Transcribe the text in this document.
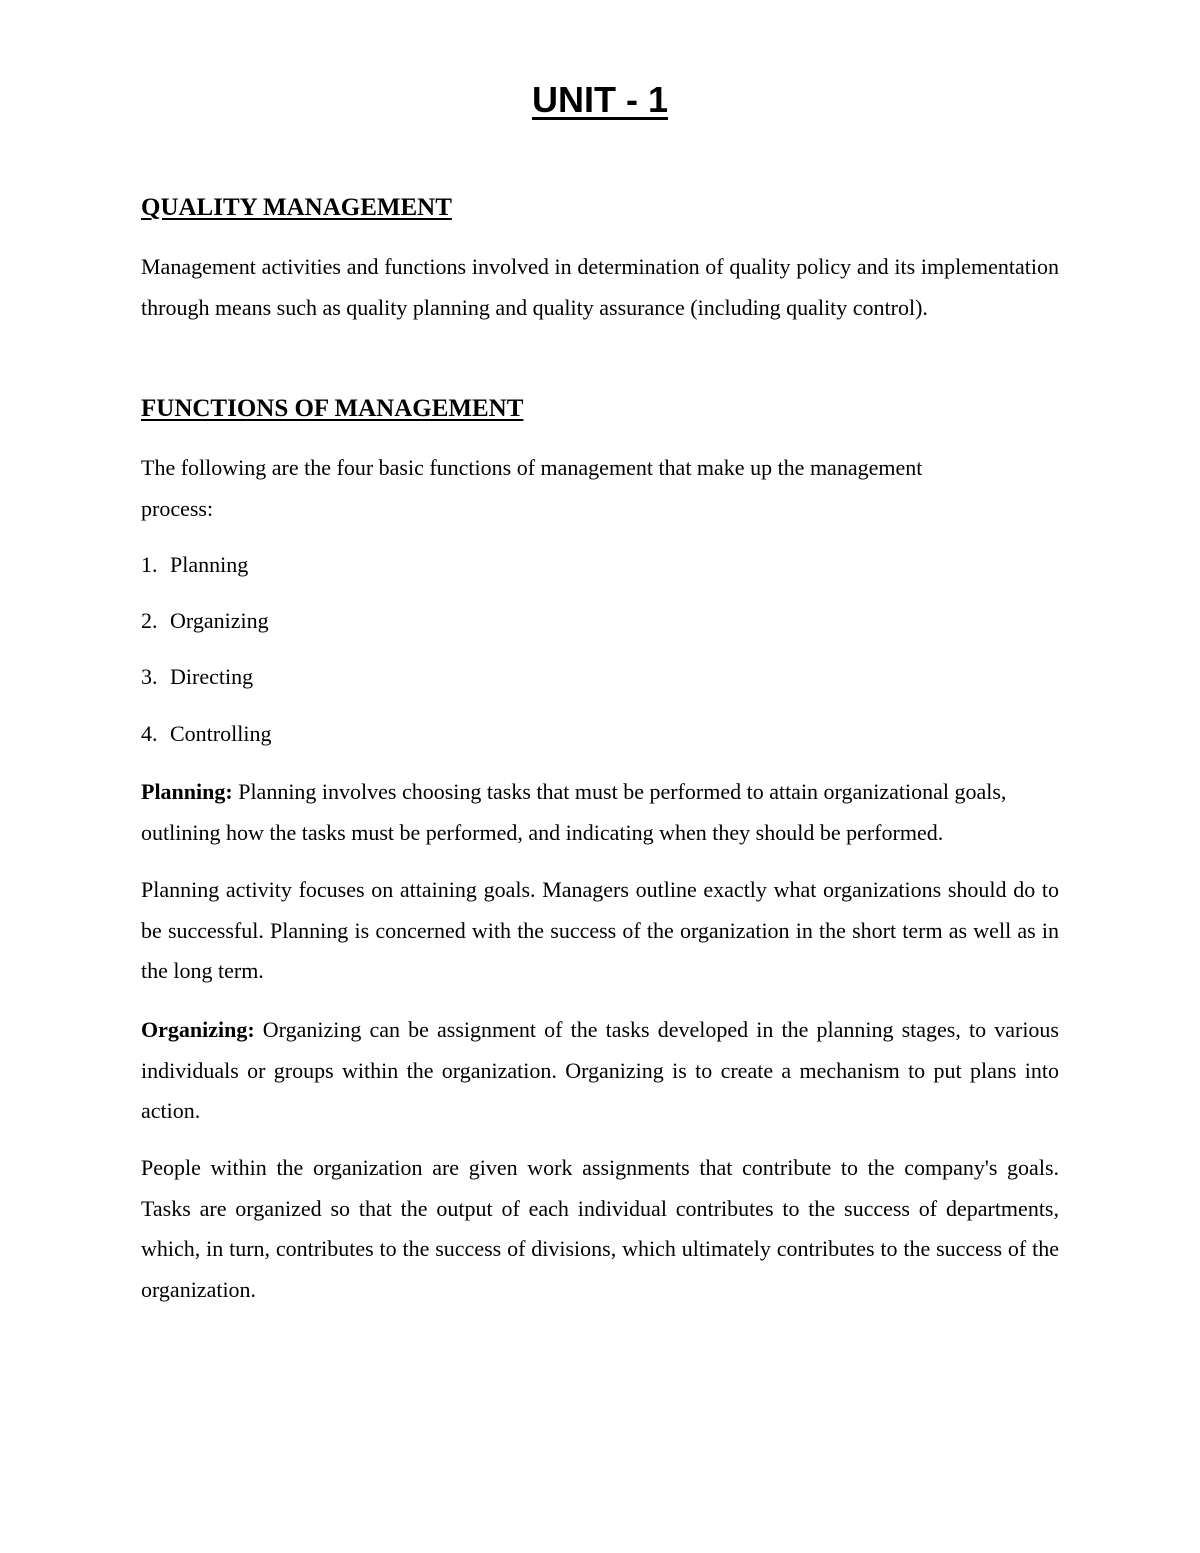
UNIT - 1
QUALITY MANAGEMENT

Management activities and functions involved in determination of quality policy and its implementation through means such as quality planning and quality assurance (including quality control).

FUNCTIONS OF MANAGEMENT

The following are the four basic functions of management that make up the management
process:

1. Planning
2. Organizing
3. Directing
4. Controlling

Planning: Planning involves choosing tasks that must be performed to attain organizational goals, outlining how the tasks must be performed, and indicating when they should be performed.

Planning activity focuses on attaining goals. Managers outline exactly what organizations should do to be successful. Planning is concerned with the success of the organization in the short term as well as in the long term.

Organizing: Organizing can be assignment of the tasks developed in the planning stages, to various individuals or groups within the organization. Organizing is to create a mechanism to put plans into action.

People within the organization are given work assignments that contribute to the company's goals. Tasks are organized so that the output of each individual contributes to the success of departments, which, in turn, contributes to the success of divisions, which ultimately contributes to the success of the organization.
